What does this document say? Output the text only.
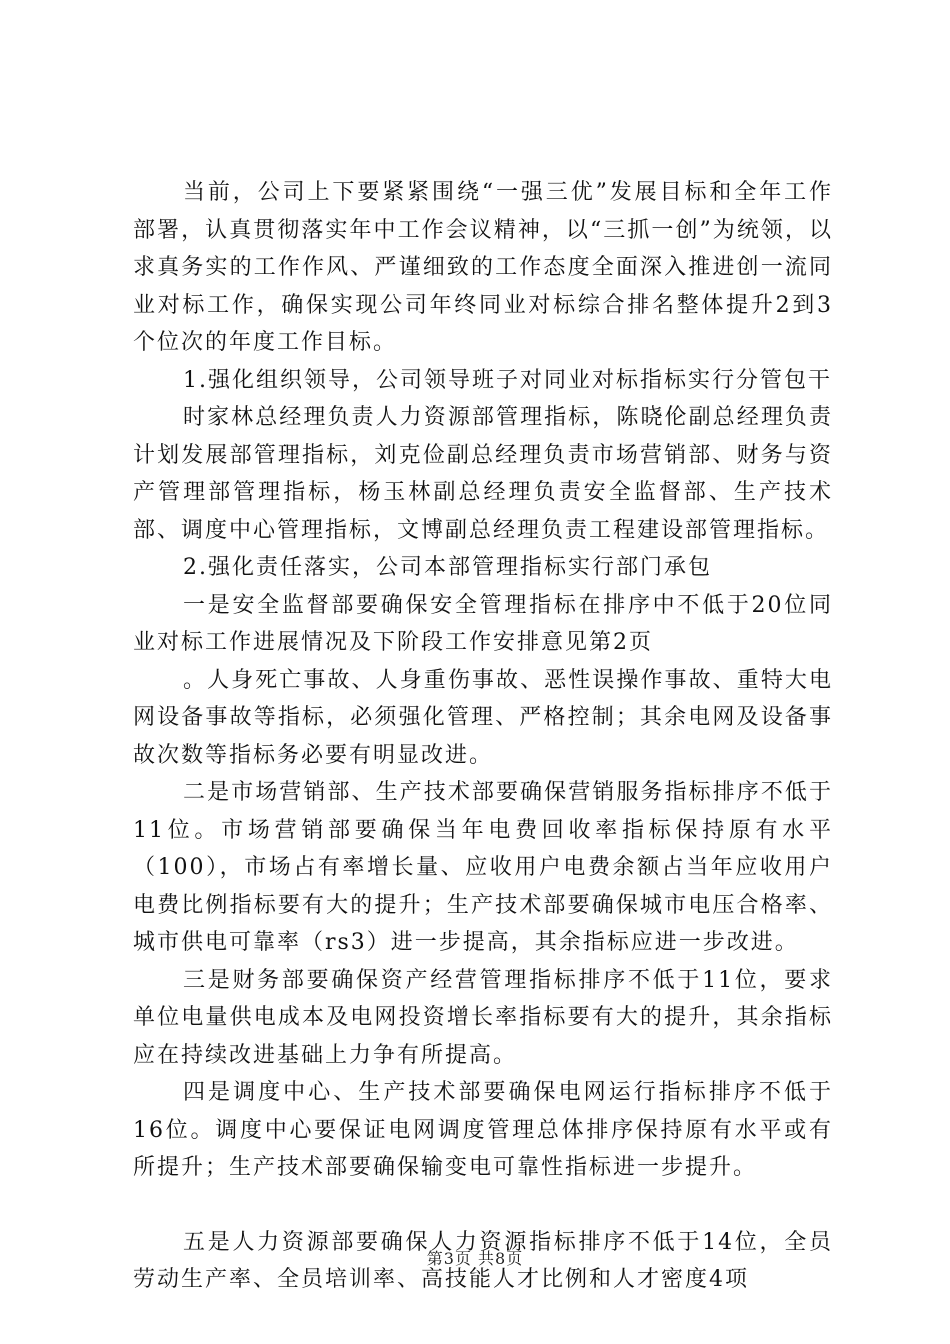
当前，公司上下要紧紧围绕“一强三优”发展目标和全年工作部署，认真贯彻落实年中工作会议精神，以“三抓一创”为统领，以求真务实的工作作风、严谨细致的工作态度全面深入推进创一流同业对标工作，确保实现公司年终同业对标综合排名整体提升2到3个位次的年度工作目标。

1.强化组织领导，公司领导班子对同业对标指标实行分管包干

时家林总经理负责人力资源部管理指标，陈晓伦副总经理负责计划发展部管理指标，刘克俭副总经理负责市场营销部、财务与资产管理部管理指标，杨玉林副总经理负责安全监督部、生产技术部、调度中心管理指标，文博副总经理负责工程建设部管理指标。

2.强化责任落实，公司本部管理指标实行部门承包

一是安全监督部要确保安全管理指标在排序中不低于20位同业对标工作进展情况及下阶段工作安排意见第2页

。人身死亡事故、人身重伤事故、恶性误操作事故、重特大电网设备事故等指标，必须强化管理、严格控制；其余电网及设备事故次数等指标务必要有明显改进。

二是市场营销部、生产技术部要确保营销服务指标排序不低于11位。市场营销部要确保当年电费回收率指标保持原有水平（100），市场占有率增长量、应收用户电费余额占当年应收用户电费比例指标要有大的提升；生产技术部要确保城市电压合格率、城市供电可靠率（rs3）进一步提高，其余指标应进一步改进。

三是财务部要确保资产经营管理指标排序不低于11位，要求单位电量供电成本及电网投资增长率指标要有大的提升，其余指标应在持续改进基础上力争有所提高。

四是调度中心、生产技术部要确保电网运行指标排序不低于16位。调度中心要保证电网调度管理总体排序保持原有水平或有所提升；生产技术部要确保输变电可靠性指标进一步提升。

五是人力资源部要确保人力资源指标排序不低于14位，全员劳动生产率、全员培训率、高技能人才比例和人才密度4项

第3页 共8页
